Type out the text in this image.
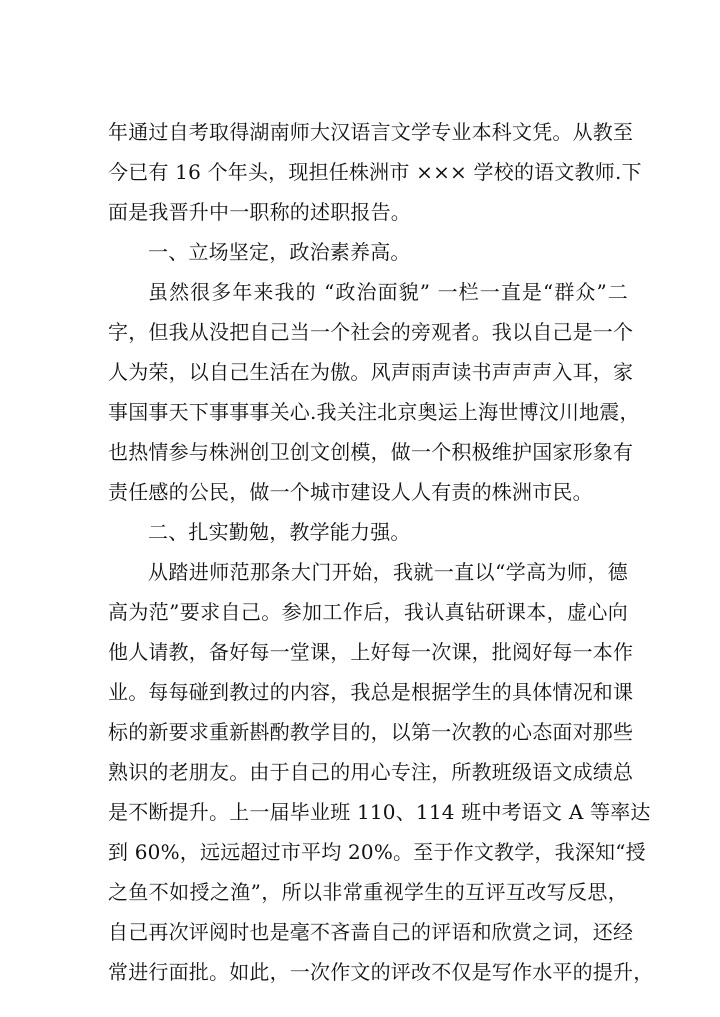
年通过自考取得湖南师大汉语言文学专业本科文凭。从教至
今已有 16 个年头，现担任株洲市 ××× 学校的语文教师.下
面是我晋升中一职称的述职报告。
一、立场坚定，政治素养高。
虽然很多年来我的 “政治面貌” 一栏一直是“群众”二
字，但我从没把自己当一个社会的旁观者。我以自己是一个
人为荣，以自己生活在为傲。风声雨声读书声声声入耳，家
事国事天下事事事关心.我关注北京奥运上海世博汶川地震，
也热情参与株洲创卫创文创模，做一个积极维护国家形象有
责任感的公民，做一个城市建设人人有责的株洲市民。
二、扎实勤勉，教学能力强。
从踏进师范那条大门开始，我就一直以“学高为师，德
高为范”要求自己。参加工作后，我认真钻研课本，虚心向
他人请教，备好每一堂课，上好每一次课，批阅好每一本作
业。每每碰到教过的内容，我总是根据学生的具体情况和课
标的新要求重新斟酌教学目的，以第一次教的心态面对那些
熟识的老朋友。由于自己的用心专注，所教班级语文成绩总
是不断提升。上一届毕业班 110、114 班中考语文 A 等率达
到 60%，远远超过市平均 20%。至于作文教学，我深知“授
之鱼不如授之渔”，所以非常重视学生的互评互改写反思，
自己再次评阅时也是毫不吝啬自己的评语和欣赏之词，还经
常进行面批。如此，一次作文的评改不仅是写作水平的提升，
